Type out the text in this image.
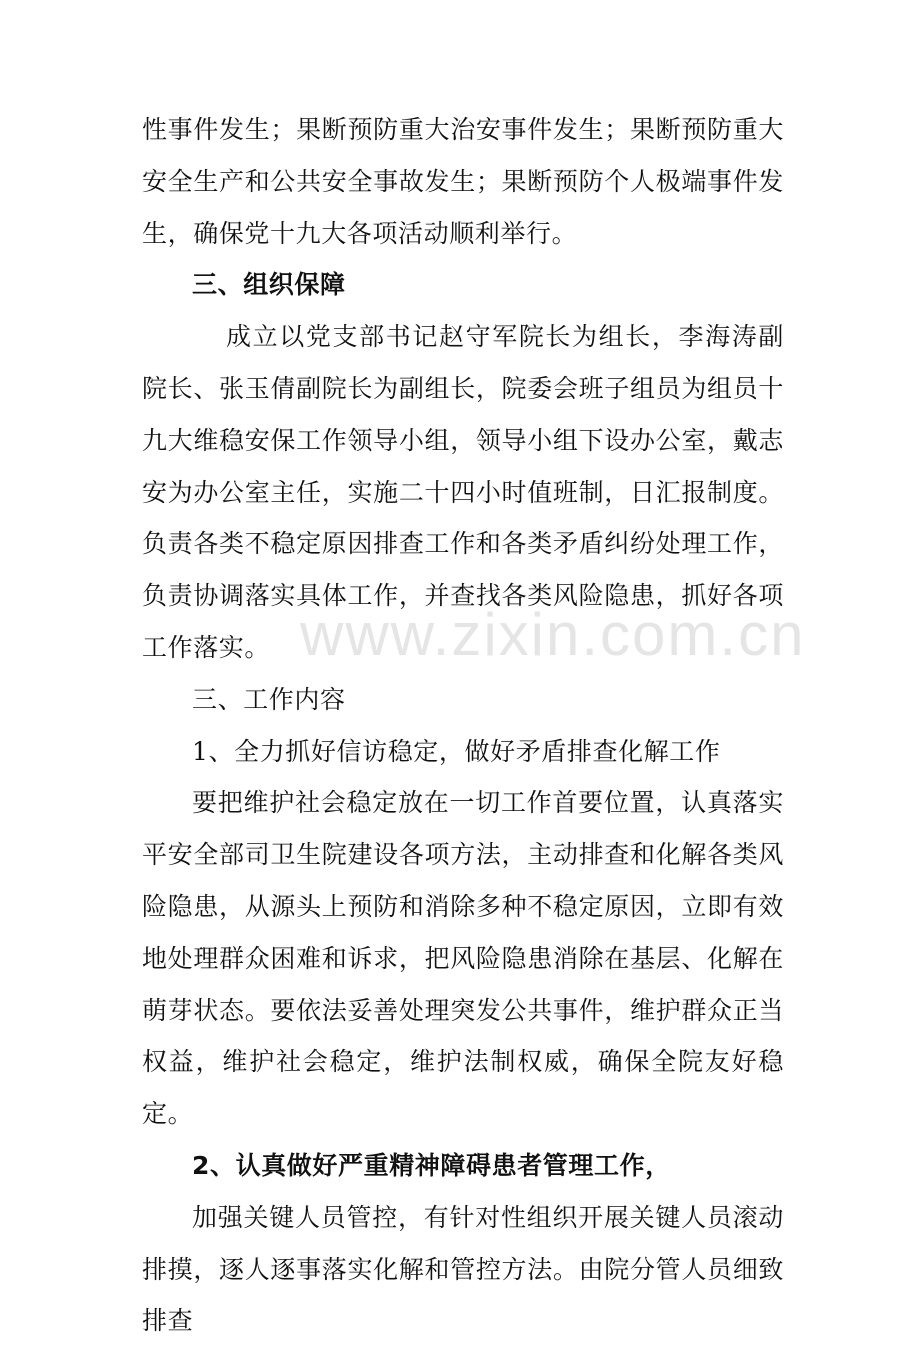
性事件发生；果断预防重大治安事件发生；果断预防重大安全生产和公共安全事故发生；果断预防个人极端事件发生，确保党十九大各项活动顺利举行。

三、组织保障

成立以党支部书记赵守军院长为组长，李海涛副院长、张玉倩副院长为副组长，院委会班子组员为组员十九大维稳安保工作领导小组，领导小组下设办公室，戴志安为办公室主任，实施二十四小时值班制，日汇报制度。负责各类不稳定原因排查工作和各类矛盾纠纷处理工作，负责协调落实具体工作，并查找各类风险隐患，抓好各项工作落实。

三、工作内容

1、全力抓好信访稳定，做好矛盾排查化解工作

要把维护社会稳定放在一切工作首要位置，认真落实平安全部司卫生院建设各项方法，主动排查和化解各类风险隐患，从源头上预防和消除多种不稳定原因，立即有效地处理群众困难和诉求，把风险隐患消除在基层、化解在萌芽状态。要依法妥善处理突发公共事件，维护群众正当权益，维护社会稳定，维护法制权威，确保全院友好稳定。

2、认真做好严重精神障碍患者管理工作，

加强关键人员管控，有针对性组织开展关键人员滚动排摸，逐人逐事落实化解和管控方法。由院分管人员细致排查

www.zixin.com.cn
